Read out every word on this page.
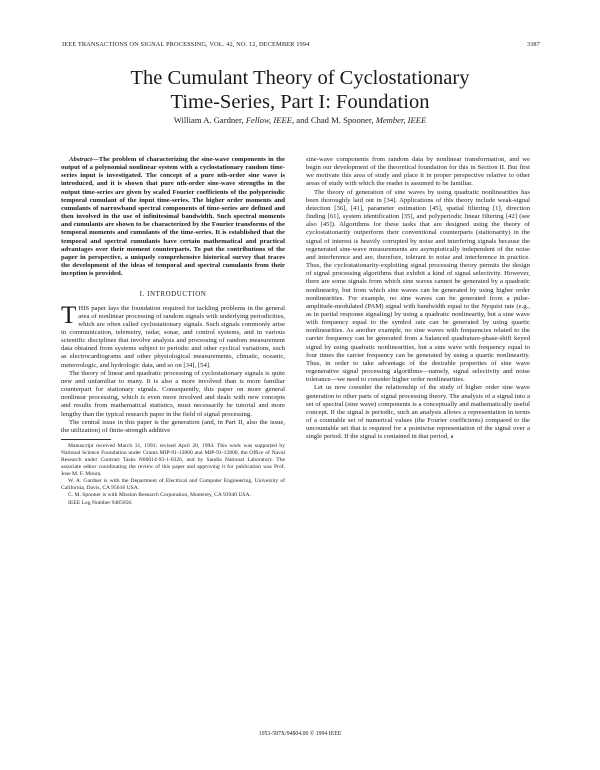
IEEE TRANSACTIONS ON SIGNAL PROCESSING, VOL. 42, NO. 12, DECEMBER 1994	3387
The Cumulant Theory of Cyclostationary
Time-Series, Part I: Foundation
William A. Gardner, Fellow, IEEE, and Chad M. Spooner, Member, IEEE

Abstract—The problem of characterizing the sine-wave components in the output of a polynomial nonlinear system with a cyclostationary random time-series input is investigated. The concept of a pure nth-order sine wave is introduced, and it is shown that pure nth-order sine-wave strengths in the output time-series are given by scaled Fourier coefficients of the polyperiodic temporal cumulant of the input time-series. The higher order moments and cumulants of narrowband spectral components of time-series are defined and then involved in the use of infinitesimal bandwidth. Such spectral moments and cumulants are shown to be characterized by the Fourier transforms of the temporal moments and cumulants of the time-series. It is established that the temporal and spectral cumulants have certain mathematical and practical advantages over their moment counterparts. To put the contributions of the paper in perspective, a uniquely comprehensive historical survey that traces the development of the ideas of temporal and spectral cumulants from their inception is provided.

I. INTRODUCTION

THIS paper lays the foundation required for tackling problems in the general area of nonlinear processing of random signals with underlying periodicities, which are often called cyclostationary signals. Such signals commonly arise in communication, telemetry, radar, sonar, and control systems, and in various scientific disciplines that involve analysis and processing of random measurement data obtained from systems subject to periodic and other cyclical variations, such as electrocardiograms and other physiological measurements, climatic, oceanic, meteorologic, and hydrologic data, and so on [34], [54].

The theory of linear and quadratic processing of cyclostationary signals is quite new and unfamiliar to many. It is also a more involved than is more familiar counterpart for stationary signals. Consequently, this paper on more general nonlinear processing, which is even more involved and deals with new concepts and results from mathematical statistics, must necessarily be tutorial and more lengthy than the typical research paper in the field of signal processing.

The central issue in this paper is the generation (and, in Part II, also the issue, the utilization) of finite-strength additive

Manuscript received March 31, 1993; revised April 20, 1994. This work was supported by National Science Foundation under Grants MIP-91-12800 and MIP-91-12800, the Office of Naval Research under Contract Tasks N00014-93-1-0326, and by Sandia National Laboratory. The associate editor coordinating the review of this paper and approving it for publication was Prof. Jose M. F. Moura.

W. A. Gardner is with the Department of Electrical and Computer Engineering, University of California, Davis, CA 95616 USA.

C. M. Spooner is with Mission Research Corporation, Monterey, CA 93940 USA.

IEEE Log Number 9405856.

sine-wave components from random data by nonlinear transformation, and we begin our development of the theoretical foundation for this in Section II. But first we motivate this area of study and place it in proper perspective relative to other areas of study with which the reader is assumed to be familiar.

The theory of generation of sine waves by using quadratic nonlinearities has been thoroughly laid out in [34]. Applications of this theory include weak-signal detection [36], [41], parameter estimation [45], spatial filtering [1], direction finding [61], system identification [35], and polyperiodic linear filtering [42] (see also [45]). Algorithms for these tasks that are designed using the theory of cyclostationarity outperform their conventional counterparts (stationarity) in the signal of interest is heavily corrupted by noise and interfering signals because the regenerated sine-wave measurements are asymptotically independent of the noise and interference and are, therefore, tolerant to noise and interference in practice. Thus, the cyclostationarity-exploiting signal processing theory permits the design of signal processing algorithms that exhibit a kind of signal selectivity. However, there are some signals from which sine waves cannot be generated by a quadratic nonlinearity, but from which sine waves can be generated by using higher order nonlinearities. For example, no sine waves can be generated from a pulse-amplitude-modulated (PAM) signal with bandwidth equal to the Nyquist rate (e.g., as in partial response signaling) by using a quadratic nonlinearity, but a sine wave with frequency equal to the symbol rate can be generated by using quartic nonlinearities. As another example, no sine waves with frequencies related to the carrier frequency can be generated from a balanced quadrature-phase-shift keyed signal by using quadratic nonlinearities, but a sine wave with frequency equal to four times the carrier frequency can be generated by using a quartic nonlinearity. Thus, in order to take advantage of the desirable properties of sine wave regenerative signal processing algorithms—namely, signal selectivity and noise tolerance—we need to consider higher order nonlinearities.

Let us now consider the relationship of the study of higher order sine wave generation to other parts of signal processing theory. The analysis of a signal into a set of spectral (sine wave) components is a conceptually and mathematically useful concept. If the signal is periodic, such an analysis allows a representation in terms of a countable set of numerical values (the Fourier coefficients) compared to the uncountable set that is required for a pointwise representation of the signal over a single period. If the signal is contained in that period, a

1053-587X/94$04.00 © 1994 IEEE
